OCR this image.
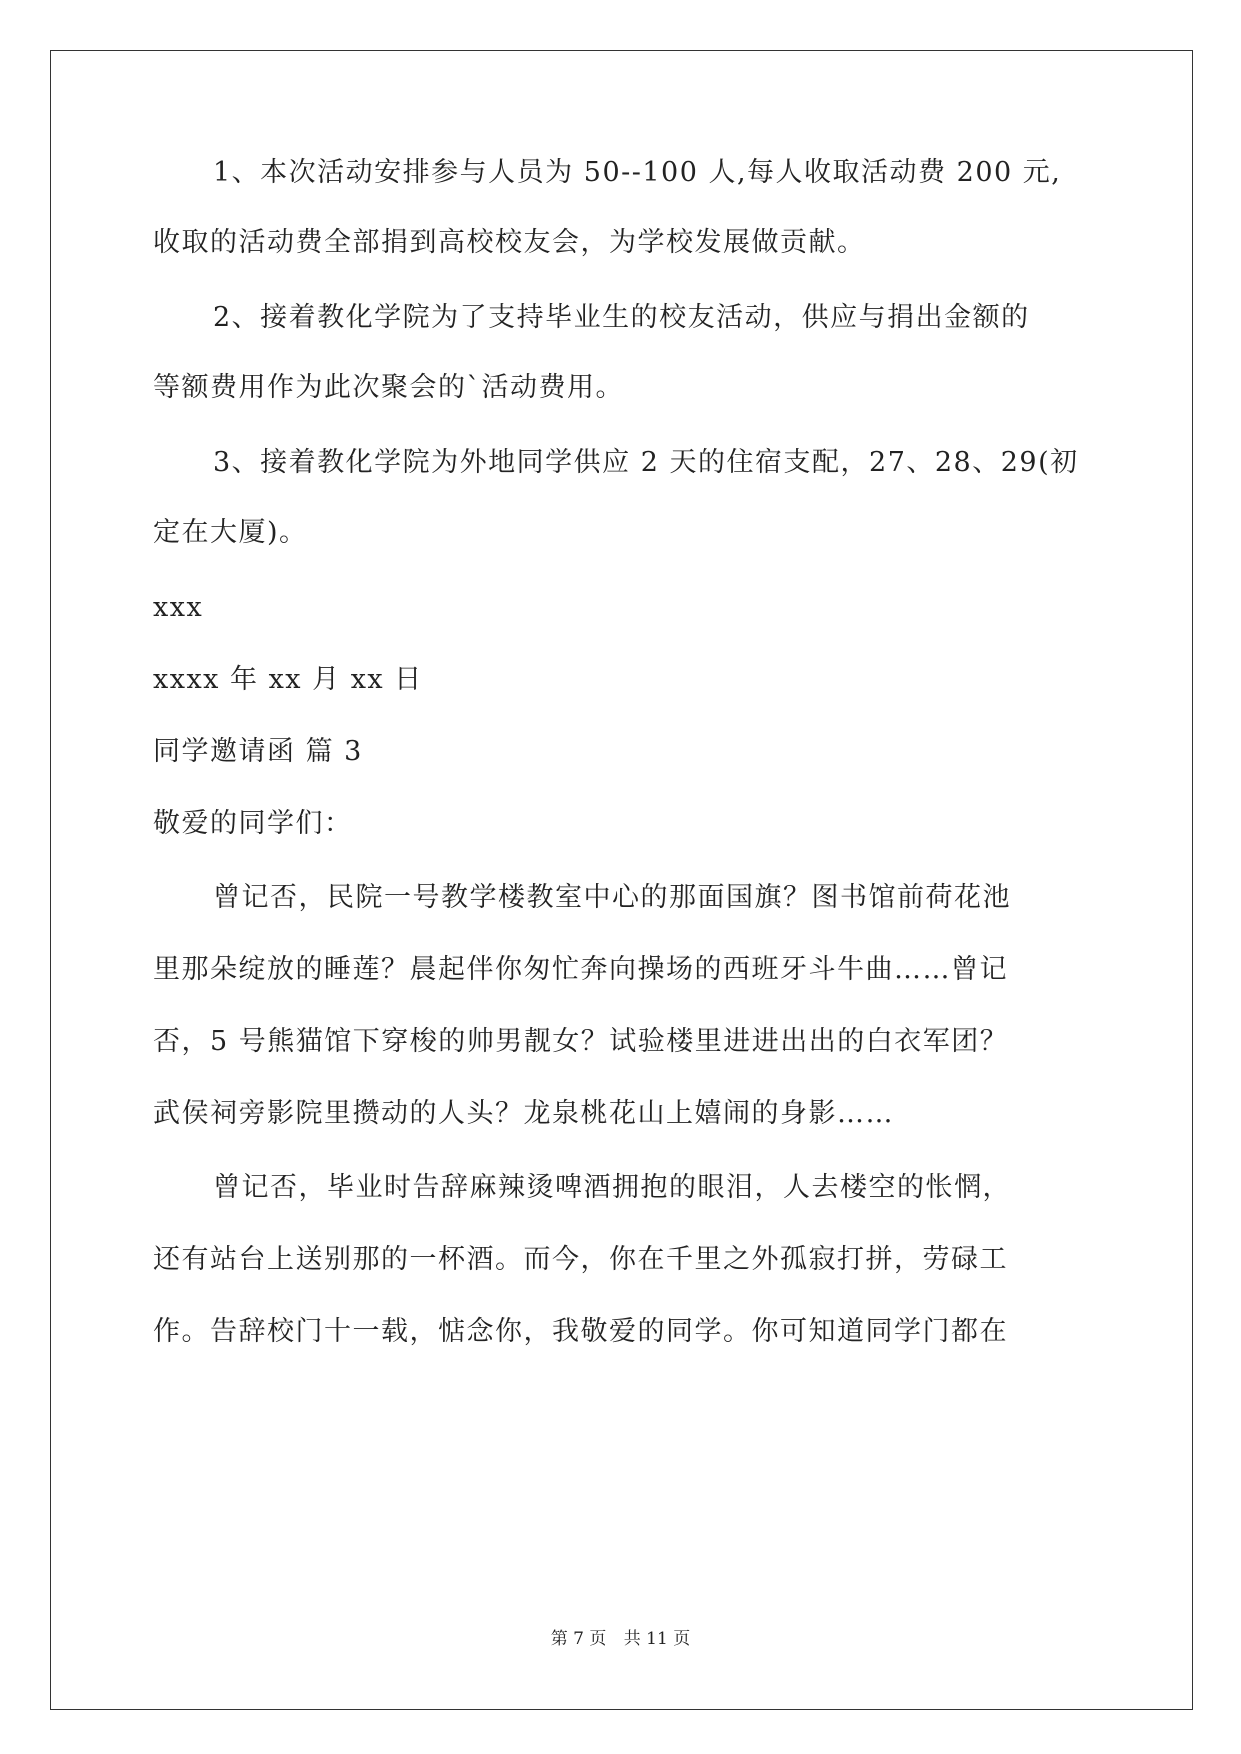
1、本次活动安排参与人员为 50--100 人,每人收取活动费 200 元,
收取的活动费全部捐到高校校友会，为学校发展做贡献。
2、接着教化学院为了支持毕业生的校友活动，供应与捐出金额的
等额费用作为此次聚会的`活动费用。
3、接着教化学院为外地同学供应 2 天的住宿支配，27、28、29(初
定在大厦)。
xxx
xxxx 年 xx 月 xx 日
同学邀请函 篇 3
敬爱的同学们：
曾记否，民院一号教学楼教室中心的那面国旗？图书馆前荷花池
里那朵绽放的睡莲？晨起伴你匆忙奔向操场的西班牙斗牛曲……曾记
否，5 号熊猫馆下穿梭的帅男靓女？试验楼里进进出出的白衣军团？
武侯祠旁影院里攒动的人头？龙泉桃花山上嬉闹的身影……
曾记否，毕业时告辞麻辣烫啤酒拥抱的眼泪，人去楼空的怅惘，
还有站台上送别那的一杯酒。而今，你在千里之外孤寂打拼，劳碌工
作。告辞校门十一载，惦念你，我敬爱的同学。你可知道同学门都在
第 7 页 共 11 页
